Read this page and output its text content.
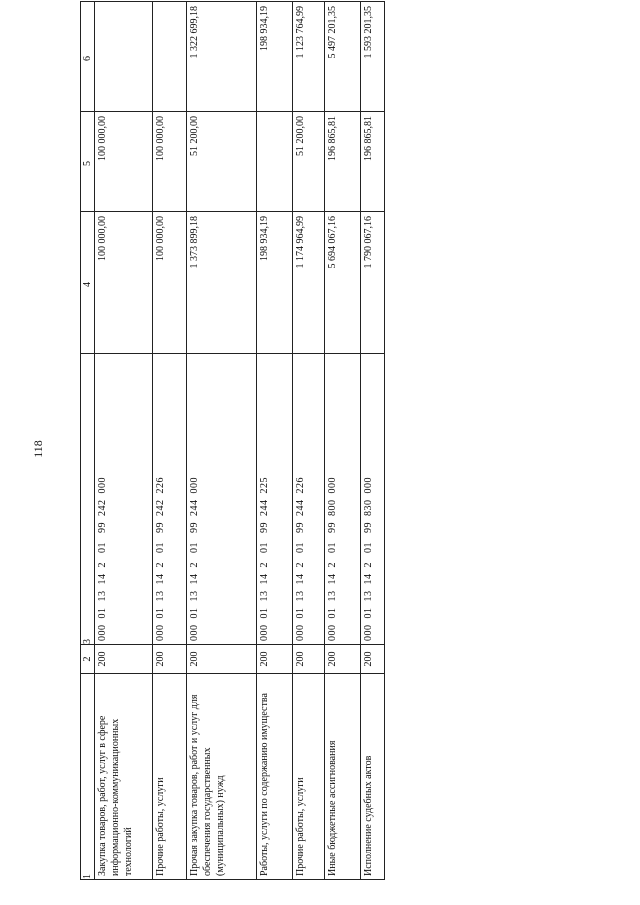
118
1	2	3	4	5	6
Закупка товаров, работ, услуг в сфере информационно-коммуникационных технологий	200	000  01  13  14  2   01   99  242  000	100 000,00	100 000,00	
Прочие работы, услуги	200	000  01  13  14  2   01   99  242  226	100 000,00	100 000,00	
Прочая закупка товаров, работ и услуг для обеспечения государственных (муниципальных) нужд	200	000  01  13  14  2   01   99  244  000	1 373 899,18	51 200,00	1 322 699,18
Работы, услуги по содержанию имущества	200	000  01  13  14  2   01   99  244  225	198 934,19		198 934,19
Прочие работы, услуги	200	000  01  13  14  2   01   99  244  226	1 174 964,99	51 200,00	1 123 764,99
Иные бюджетные ассигнования	200	000  01  13  14  2   01   99  800  000	5 694 067,16	196 865,81	5 497 201,35
Исполнение судебных актов	200	000  01  13  14  2   01   99  830  000	1 790 067,16	196 865,81	1 593 201,35
